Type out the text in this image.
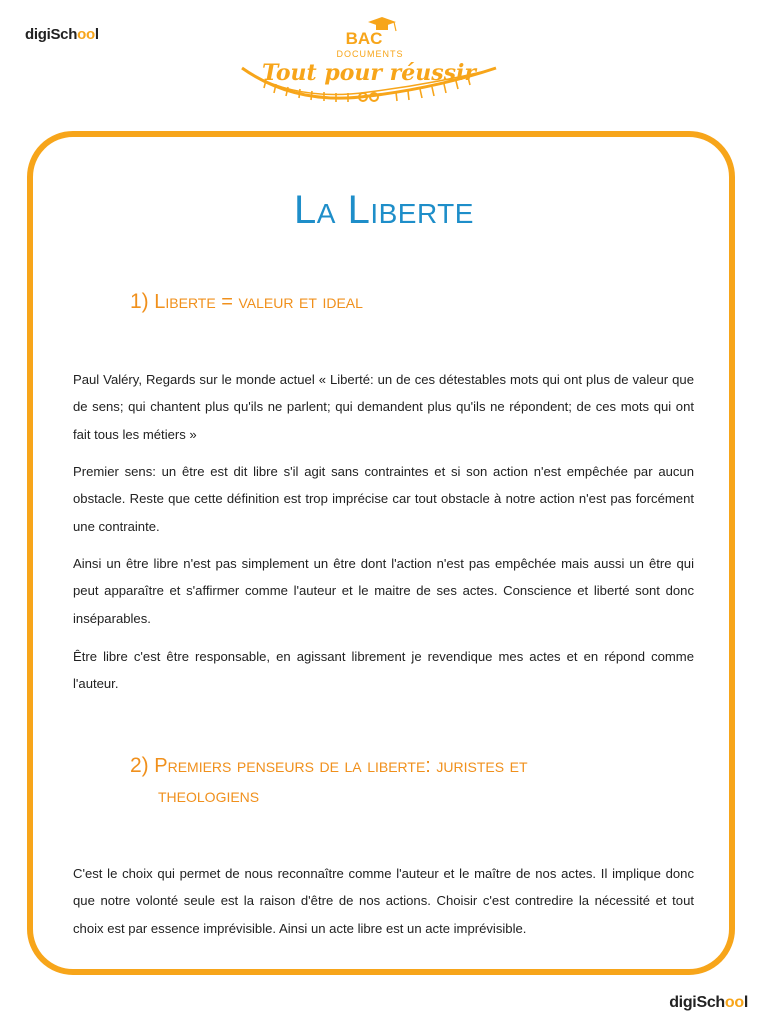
digiSchool	BAC
DOCUMENTS
Tout pour réussir
La Liberte
1) Liberte = valeur et ideal

Paul Valéry, Regards sur le monde actuel « Liberté: un de ces détestables mots qui ont plus de valeur que de sens; qui chantent plus qu'ils ne parlent; qui demandent plus qu'ils ne répondent; de ces mots qui ont fait tous les métiers »

Premier sens: un être est dit libre s'il agit sans contraintes et si son action n'est empêchée par aucun obstacle. Reste que cette définition est trop imprécise car tout obstacle à notre action n'est pas forcément une contrainte.

Ainsi un être libre n'est pas simplement un être dont l'action n'est pas empêchée mais aussi un être qui peut apparaître et s'affirmer comme l'auteur et le maitre de ses actes. Conscience et liberté sont donc inséparables.

Être libre c'est être responsable, en agissant librement je revendique mes actes et en répond comme l'auteur.

2) Premiers penseurs de la liberte: juristes et
theologiens

C'est le choix qui permet de nous reconnaître comme l'auteur et le maître de nos actes. Il implique donc que notre volonté seule est la raison d'être de nos actions. Choisir c'est contredire la nécessité et tout choix est par essence imprévisible. Ainsi un acte libre est un acte imprévisible.

digiSchool
